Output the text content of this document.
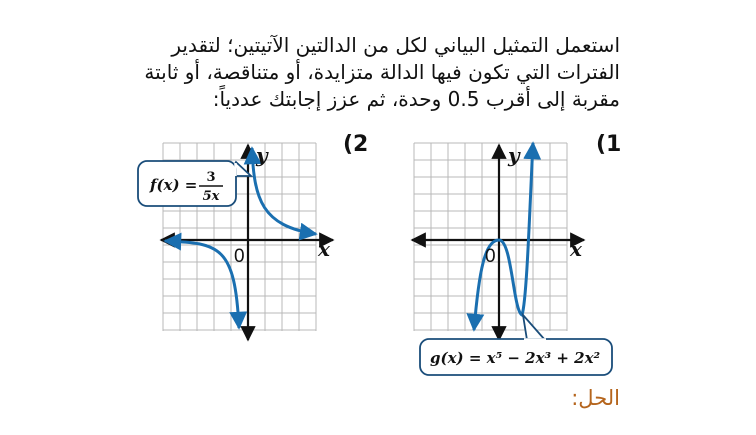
استعمل التمثيل البياني لكل من الدالتين الآتيتين؛ لتقدير
الفترات التي تكون فيها الدالة متزايدة، أو متناقصة، أو ثابتة
مقربة إلى أقرب 0.5 وحدة، ثم عزز إجابتك عددياً:
(1
(2	y
x
0
g(x) = x⁵ − 2x³ + 2x²
y
x
0
f(x) = 3
5x
الحل:
